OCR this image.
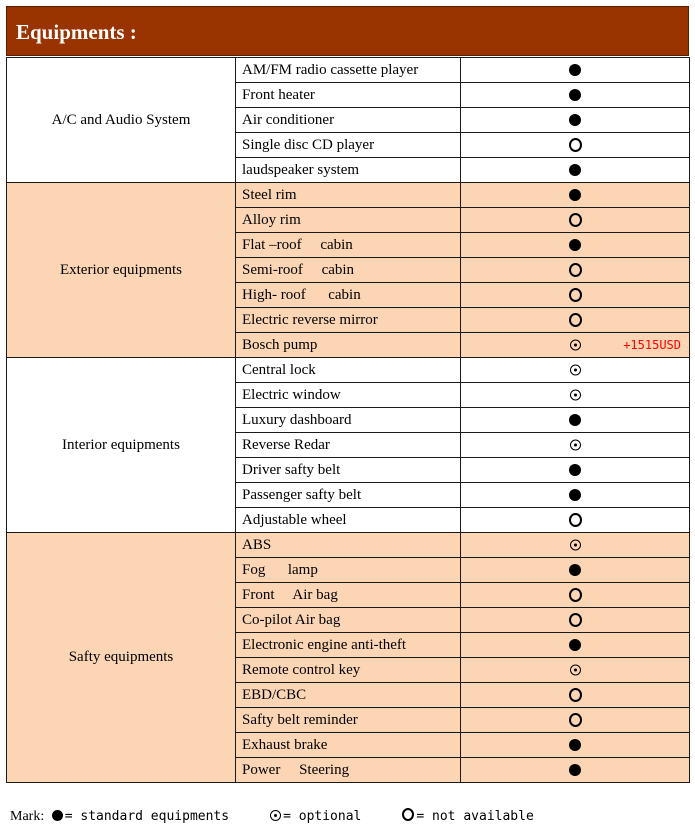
Equipments :
A/C and Audio System	AM/FM radio cassette player	

	Front heater	

	Air conditioner	

	Single disc CD player	

	laudspeaker system	

Exterior equipments	Steel rim	

	Alloy rim	

	Flat –roof     cabin	

	Semi-roof     cabin	

	High- roof      cabin	

	Electric reverse mirror	

	Bosch pump	+1515USD

Interior equipments	Central lock	

	Electric window	

	Luxury dashboard	

	Reverse Redar	

	Driver safty belt	

	Passenger safty belt	

	Adjustable wheel	

Safty equipments	ABS	

	Fog      lamp	

	Front     Air bag	

	Co-pilot Air bag	

	Electronic engine anti-theft	

	Remote control key	

	EBD/CBC	

	Safty belt reminder	

	Exhaust brake	

	Power     Steering	
Mark: = standard equipments	= optional	= not available
